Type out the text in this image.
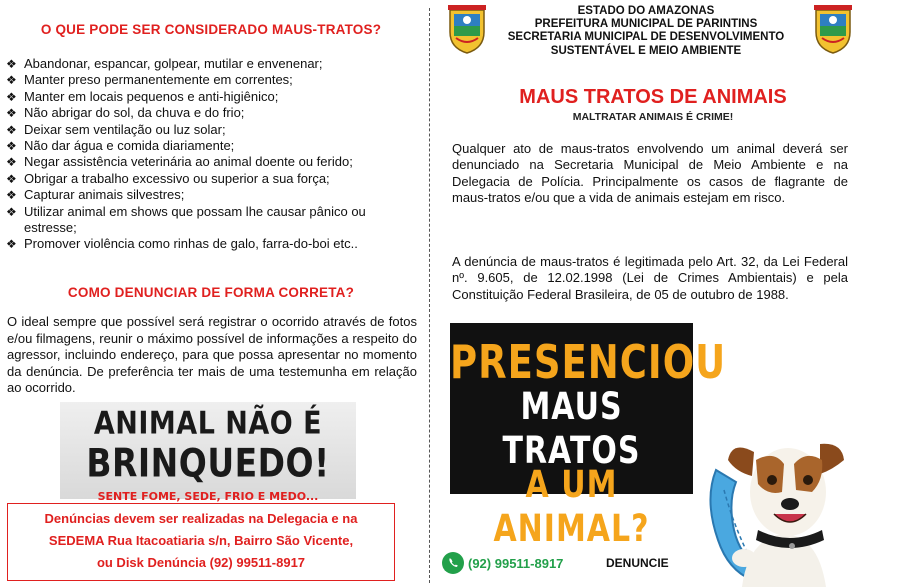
O QUE PODE SER CONSIDERADO MAUS-TRATOS?
❖ Abandonar, espancar, golpear, mutilar e envenenar;
❖ Manter preso permanentemente em correntes;
❖ Manter em locais pequenos e anti-higiênico;
❖ Não abrigar do sol, da chuva e do frio;
❖ Deixar sem ventilação ou luz solar;
❖ Não dar água e comida diariamente;
❖ Negar assistência veterinária ao animal doente ou ferido;
❖ Obrigar a trabalho excessivo ou superior a sua força;
❖ Capturar animais silvestres;
❖ Utilizar animal em shows que possam lhe causar pânico ou estresse;
❖ Promover violência como rinhas de galo, farra-do-boi etc..
COMO DENUNCIAR DE FORMA CORRETA?

O ideal sempre que possível será registrar o ocorrido através de fotos e/ou filmagens, reunir o máximo possível de informações a respeito do agressor, incluindo endereço, para que possa apresentar no momento da denúncia. De preferência ter mais de uma testemunha em relação ao ocorrido.

ANIMAL NÃO É
BRINQUEDO!
SENTE FOME, SEDE, FRIO E MEDO...
Denúncias devem ser realizadas na Delegacia e na
SEDEMA Rua Itacoatiaria s/n, Bairro São Vicente,
ou Disk Denúncia (92) 99511-8917
ESTADO DO AMAZONAS
PREFEITURA MUNICIPAL DE PARINTINS
SECRETARIA MUNICIPAL DE DESENVOLVIMENTO
SUSTENTÁVEL E MEIO AMBIENTE
MAUS TRATOS DE ANIMAIS
MALTRATAR ANIMAIS É CRIME!

Qualquer ato de maus-tratos envolvendo um animal deverá ser denunciado na Secretaria Municipal de Meio Ambiente e na Delegacia de Polícia. Principalmente os casos de flagrante de maus-tratos e/ou que a vida de animais estejam em risco.

A denúncia de maus-tratos é legitimada pelo Art. 32, da Lei Federal nº. 9.605, de 12.02.1998 (Lei de Crimes Ambientais) e pela Constituição Federal Brasileira, de 05 de outubro de 1988.

PRESENCIOU
MAUS TRATOS
A UM ANIMAL?
(92) 99511-8917	DENUNCIE
